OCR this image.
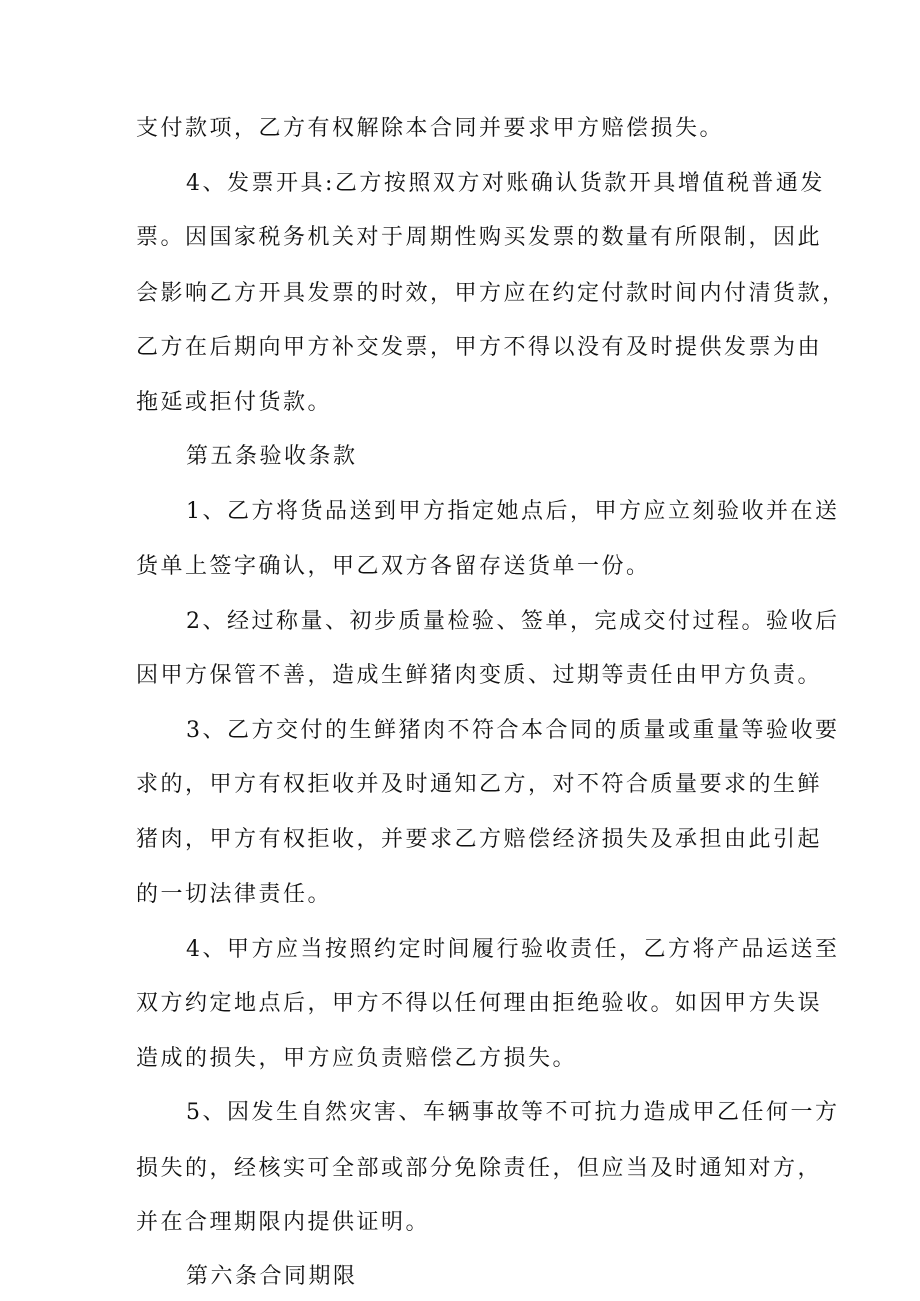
支付款项，乙方有权解除本合同并要求甲方赔偿损失。

4、发票开具:乙方按照双方对账确认货款开具增值税普通发

票。因国家税务机关对于周期性购买发票的数量有所限制，因此

会影响乙方开具发票的时效，甲方应在约定付款时间内付清货款，

乙方在后期向甲方补交发票，甲方不得以没有及时提供发票为由

拖延或拒付货款。

第五条验收条款

1、乙方将货品送到甲方指定她点后，甲方应立刻验收并在送

货单上签字确认，甲乙双方各留存送货单一份。

2、经过称量、初步质量检验、签单，完成交付过程。验收后

因甲方保管不善，造成生鲜猪肉变质、过期等责任由甲方负责。

3、乙方交付的生鲜猪肉不符合本合同的质量或重量等验收要

求的，甲方有权拒收并及时通知乙方，对不符合质量要求的生鲜

猪肉，甲方有权拒收，并要求乙方赔偿经济损失及承担由此引起

的一切法律责任。

4、甲方应当按照约定时间履行验收责任，乙方将产品运送至

双方约定地点后，甲方不得以任何理由拒绝验收。如因甲方失误

造成的损失，甲方应负责赔偿乙方损失。

5、因发生自然灾害、车辆事故等不可抗力造成甲乙任何一方

损失的，经核实可全部或部分免除责任，但应当及时通知对方，

并在合理期限内提供证明。

第六条合同期限
